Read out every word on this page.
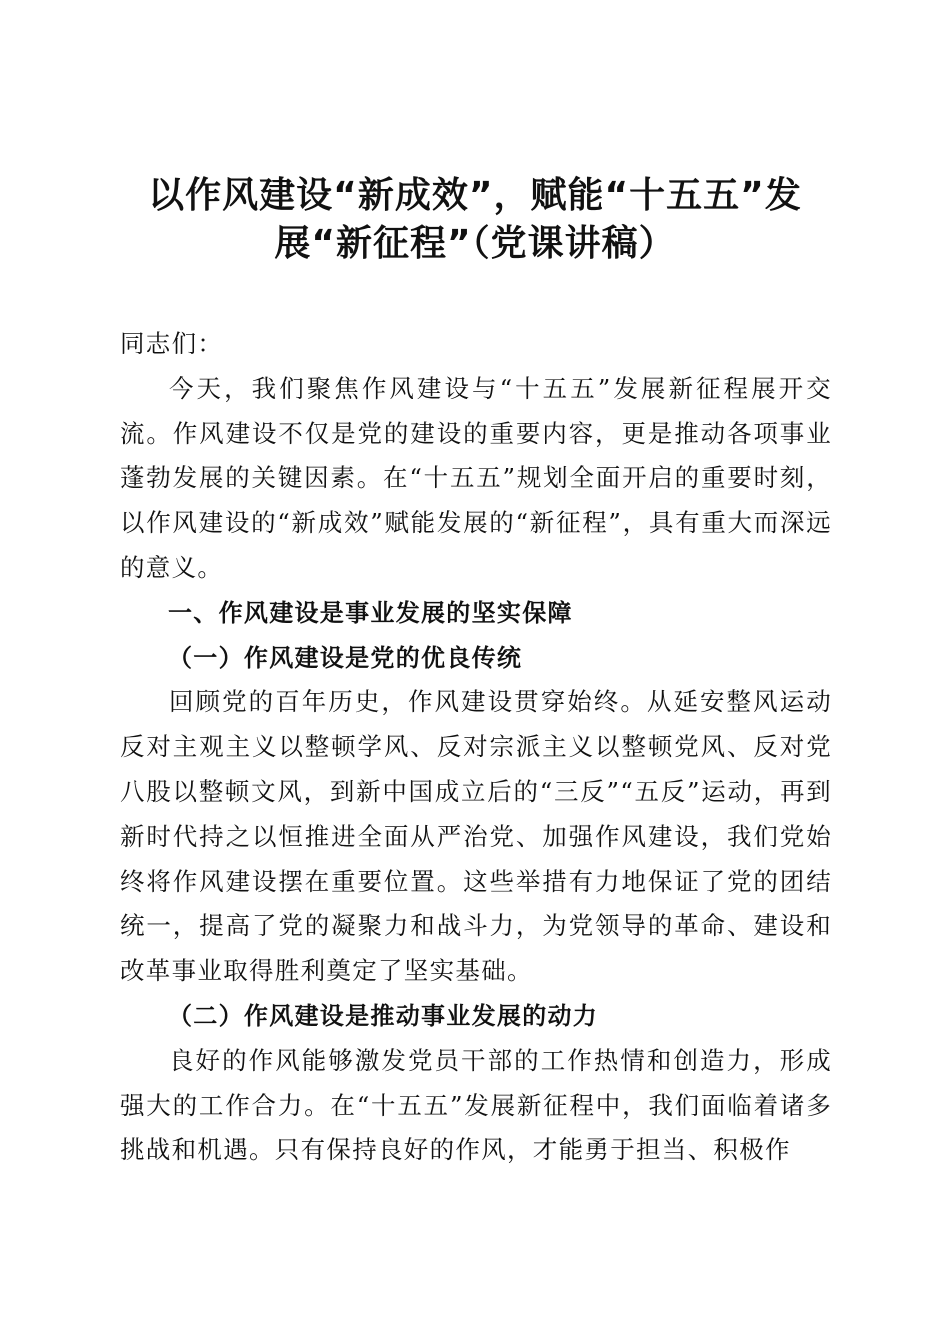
以作风建设“新成效”，赋能“十五五”发
展“新征程”（党课讲稿）

同志们：

今天，我们聚焦作风建设与“十五五”发展新征程展开交流。作风建设不仅是党的建设的重要内容，更是推动各项事业蓬勃发展的关键因素。在“十五五”规划全面开启的重要时刻，以作风建设的“新成效”赋能发展的“新征程”，具有重大而深远的意义。

一、作风建设是事业发展的坚实保障

（一）作风建设是党的优良传统

回顾党的百年历史，作风建设贯穿始终。从延安整风运动反对主观主义以整顿学风、反对宗派主义以整顿党风、反对党八股以整顿文风，到新中国成立后的“三反”“五反”运动，再到新时代持之以恒推进全面从严治党、加强作风建设，我们党始终将作风建设摆在重要位置。这些举措有力地保证了党的团结统一，提高了党的凝聚力和战斗力，为党领导的革命、建设和改革事业取得胜利奠定了坚实基础。

（二）作风建设是推动事业发展的动力

良好的作风能够激发党员干部的工作热情和创造力，形成强大的工作合力。在“十五五”发展新征程中，我们面临着诸多挑战和机遇。只有保持良好的作风，才能勇于担当、积极作
